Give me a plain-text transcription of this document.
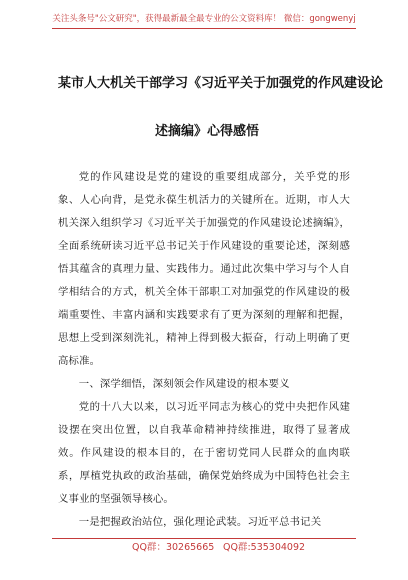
关注头条号"公文研究"，获得最新最全最专业的公文资料库！ 微信：gongwenyj
某市人大机关干部学习《习近平关于加强党的作风建设论
述摘编》心得感悟

党的作风建设是党的建设的重要组成部分，关乎党的形象、人心向背，是党永葆生机活力的关键所在。近期，市人大机关深入组织学习《习近平关于加强党的作风建设论述摘编》，全面系统研读习近平总书记关于作风建设的重要论述，深刻感悟其蕴含的真理力量、实践伟力。通过此次集中学习与个人自学相结合的方式，机关全体干部职工对加强党的作风建设的极端重要性、丰富内涵和实践要求有了更为深刻的理解和把握，思想上受到深刻洗礼，精神上得到极大振奋，行动上明确了更高标准。

一、深学细悟，深刻领会作风建设的根本要义

党的十八大以来，以习近平同志为核心的党中央把作风建设摆在突出位置，以自我革命精神持续推进，取得了显著成效。作风建设的根本目的，在于密切党同人民群众的血肉联系，厚植党执政的政治基础，确保党始终成为中国特色社会主义事业的坚强领导核心。

一是把握政治站位，强化理论武装。习近平总书记关

QQ群：30265665 QQ群:535304092
